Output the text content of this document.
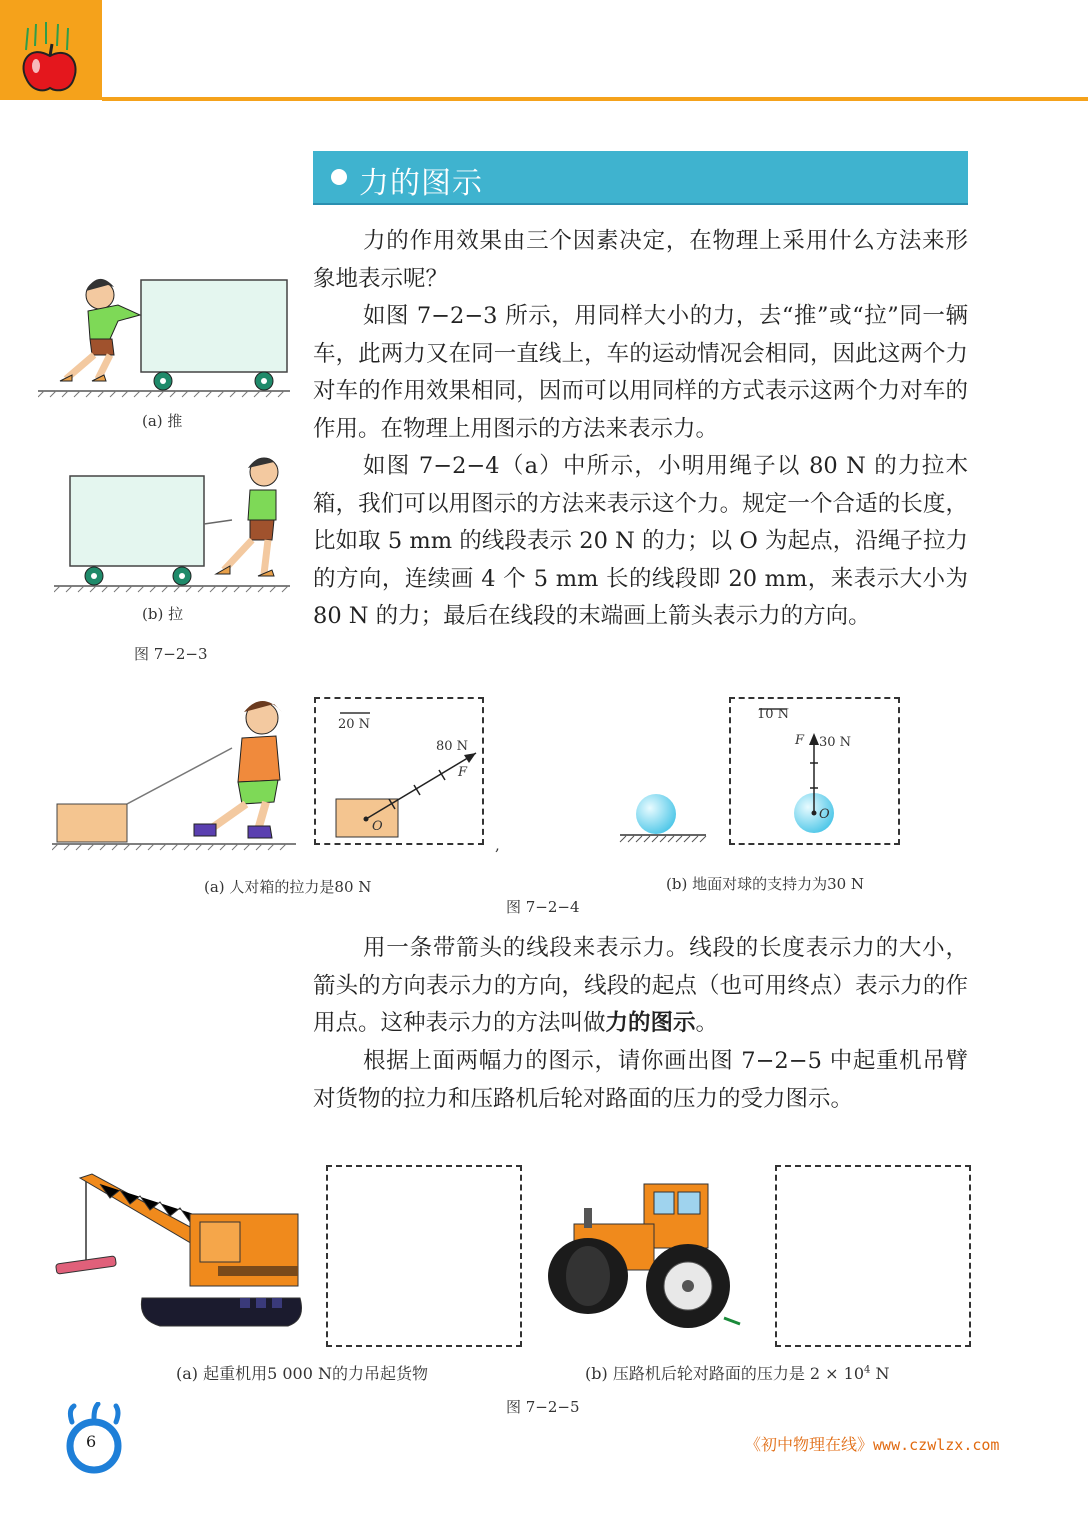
力的图示

力的作用效果由三个因素决定，在物理上采用什么方法来形象地表示呢？

如图 7−2−3 所示，用同样大小的力，去“推”或“拉”同一辆车，此两力又在同一直线上，车的运动情况会相同，因此这两个力对车的作用效果相同，因而可以用同样的方式表示这两个力对车的作用。在物理上用图示的方法来表示力。

如图 7−2−4（a）中所示，小明用绳子以 80 N 的力拉木箱，我们可以用图示的方法来表示这个力。规定一个合适的长度，比如取 5 mm 的线段表示 20 N 的力；以 O 为起点，沿绳子拉力的方向，连续画 4 个 5 mm 长的线段即 20 mm，来表示大小为 80 N 的力；最后在线段的末端画上箭头表示力的方向。

(a) 推
(b) 拉
图 7−2−3
20 N
80 N
F
O
,
10 N
30 N
F
O
(a) 人对箱的拉力是80 N	(b) 地面对球的支持力为30 N
图 7−2−4

用一条带箭头的线段来表示力。线段的长度表示力的大小，箭头的方向表示力的方向，线段的起点（也可用终点）表示力的作用点。这种表示力的方法叫做力的图示。

根据上面两幅力的图示，请你画出图 7−2−5 中起重机吊臂对货物的拉力和压路机后轮对路面的压力的受力图示。

(a) 起重机用5 000 N的力吊起货物	(b) 压路机后轮对路面的压力是 $2 \times 10^4$ N
图 7−2−5
6	《初中物理在线》www.czwlzx.com
